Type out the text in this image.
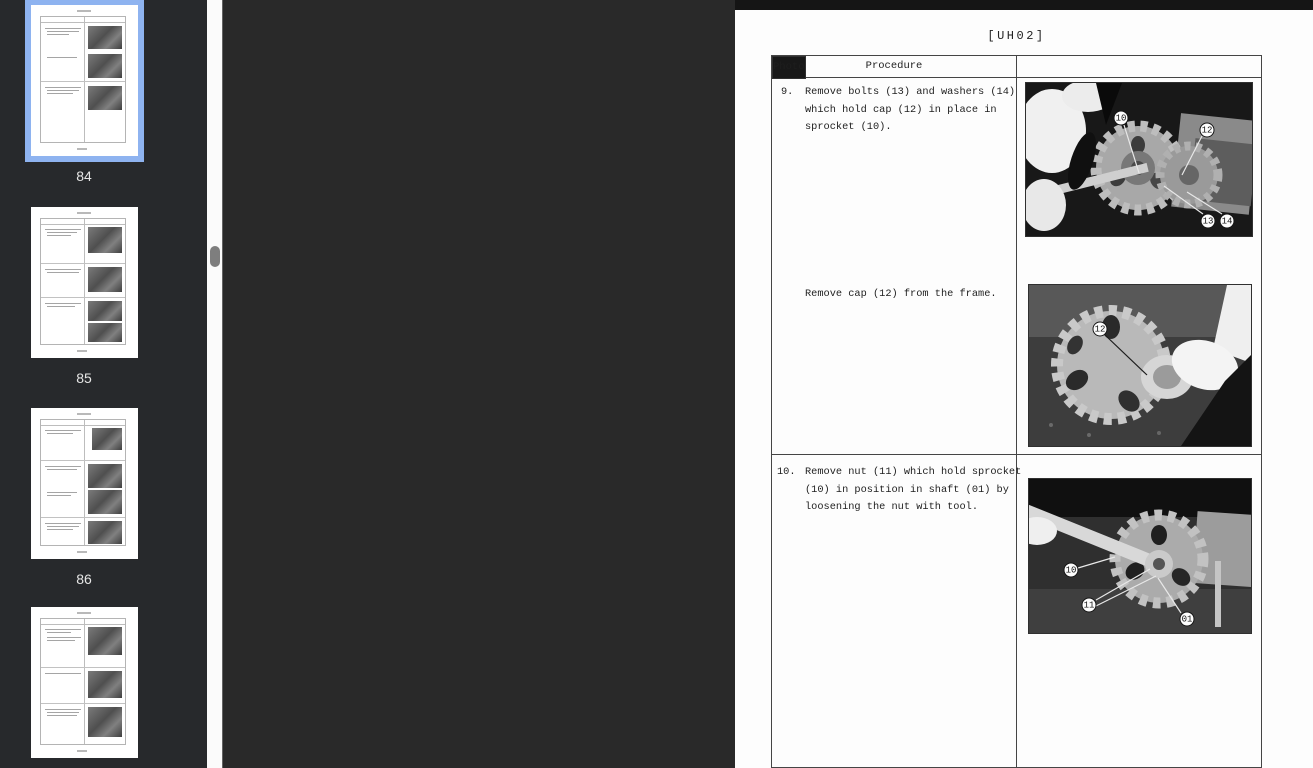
84
85
86
[UH02]
Procedure
Photo
9.	Remove bolts (13) and washers (14)
which hold cap (12) in place in
sprocket (10).
Remove cap (12) from the frame.
10
12
13 14
12
10. Remove nut (11) which hold sprocket
(10) in position in shaft (01) by
loosening the nut with tool.
10
11
01
